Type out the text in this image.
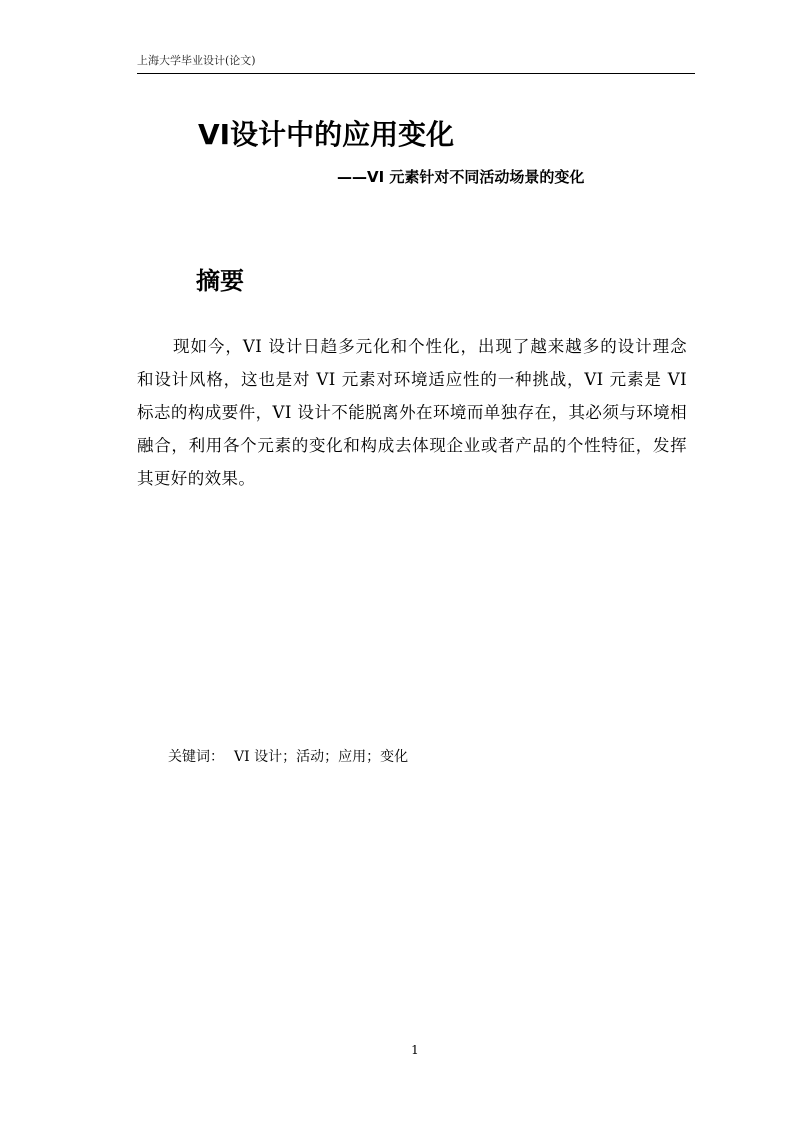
上海大学毕业设计(论文)
VI设计中的应用变化
——VI 元素针对不同活动场景的变化
摘要

现如今，VI 设计日趋多元化和个性化，出现了越来越多的设计理念和设计风格，这也是对 VI 元素对环境适应性的一种挑战，VI 元素是 VI 标志的构成要件，VI 设计不能脱离外在环境而单独存在，其必须与环境相融合，利用各个元素的变化和构成去体现企业或者产品的个性特征，发挥其更好的效果。

关键词： VI 设计；活动；应用；变化
1
